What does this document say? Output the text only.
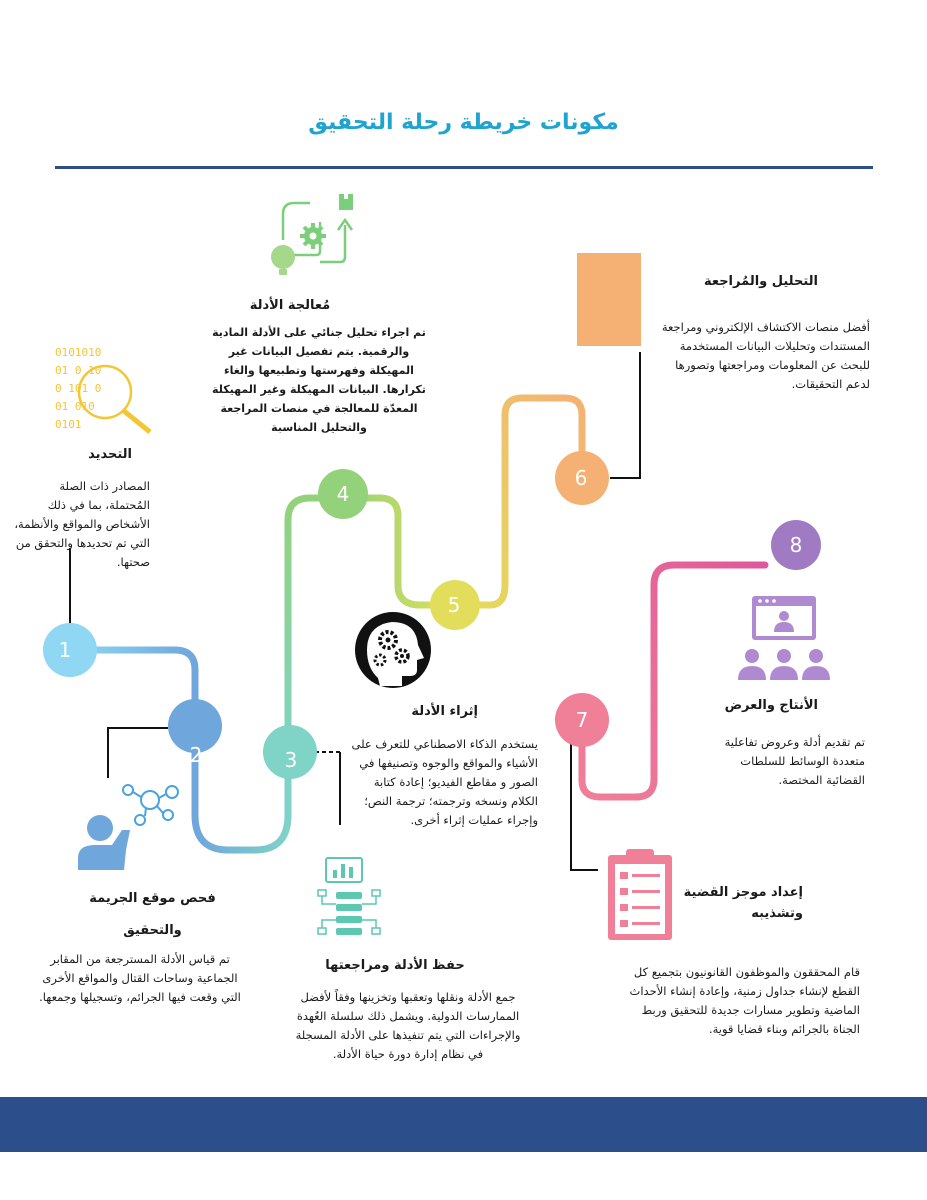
مكونات خريطة رحلة التحقيق
1
2	3
4
5
6
7
8
0101010
01 0 10
0 101 0
01 010
0101
التحديد
المصادر ذات الصلة المُحتملة، بما في ذلك الأشخاص والمواقع والأنظمة، التي تم تحديدها والتحقق من صحتها.
فحص موقع الجريمة والتحقيق
تم قياس الأدلة المسترجعة من المقابر الجماعية وساحات القتال والمواقع الأخرى التي وقعت فيها الجرائم، وتسجيلها وجمعها.
حفظ الأدلة ومراجعتها
جمع الأدلة ونقلها وتعقبها وتخزينها وفقاً لأفضل الممارسات الدولية. ويشمل ذلك سلسلة العُهدة والإجراءات التي يتم تنفيذها على الأدلة المسجلة في نظام إدارة دورة حياة الأدلة.
مُعالجة الأدلة
تم اجراء تحليل جنائي على الأدلة المادية والرقمية. يتم تفصيل البيانات غير المهيكلة وفهرستها وتطبيعها والغاء تكرارها. البيانات المهيكلة وغير المهيكلة المعدّة للمعالجة في منصات المراجعة والتحليل المناسبة
إثراء الأدلة
يستخدم الذكاء الاصطناعي للتعرف على الأشياء والمواقع والوجوه وتصنيفها في الصور و مقاطع الفيديو؛ إعادة كتابة الكلام ونسخه وترجمته؛ ترجمة النص؛ وإجراء عمليات إثراء أخرى.
التحليل والمُراجعة
أفضل منصات الاكتشاف الإلكتروني ومراجعة المستندات وتحليلات البيانات المستخدمة للبحث عن المعلومات ومراجعتها وتصورها لدعم التحقيقات.
إعداد موجز القضية وتشذيبه
قام المحققون والموظفون القانونيون بتجميع كل القطع لإنشاء جداول زمنية، وإعادة إنشاء الأحداث الماضية وتطوير مسارات جديدة للتحقيق وربط الجناة بالجرائم وبناء قضايا قوية.
الأنتاج والعرض
تم تقديم أدلة وعروض تفاعلية متعددة الوسائط للسلطات القضائية المختصة.
